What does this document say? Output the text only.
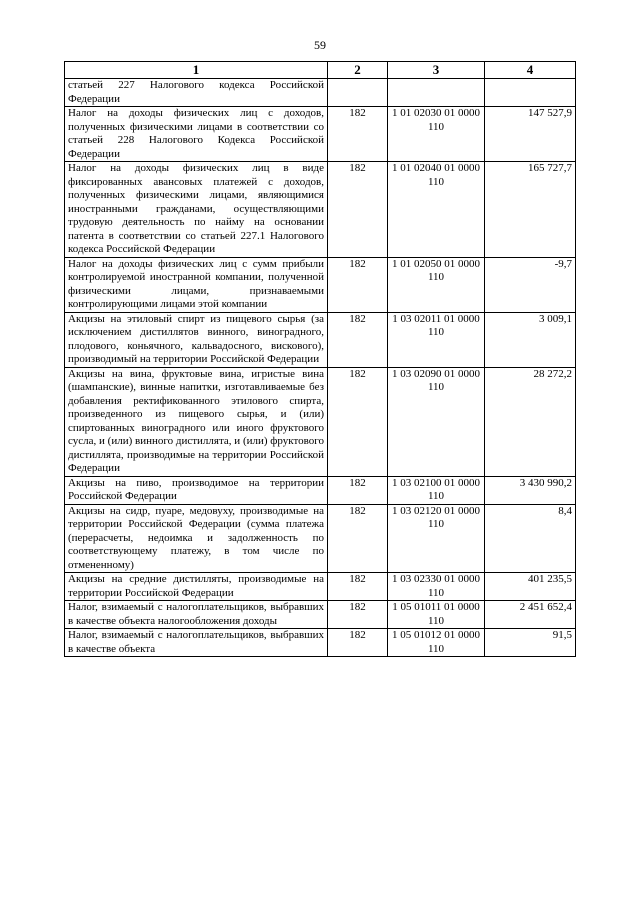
59
1	2	3	4
статьей 227 Налогового кодекса Российской Федерации			
Налог на доходы физических лиц с доходов, полученных физическими лицами в соответствии со статьей 228 Налогового Кодекса Российской Федерации	182	1 01 02030 01 0000 110	147 527,9
Налог на доходы физических лиц в виде фиксированных авансовых платежей с доходов, полученных физическими лицами, являющимися иностранными гражданами, осуществляющими трудовую деятельность по найму на основании патента в соответствии со статьей 227.1 Налогового кодекса Российской Федерации	182	1 01 02040 01 0000 110	165 727,7
Налог на доходы физических лиц с сумм прибыли контролируемой иностранной компании, полученной физическими лицами, признаваемыми контролирующими лицами этой компании	182	1 01 02050 01 0000 110	-9,7
Акцизы на этиловый спирт из пищевого сырья (за исключением дистиллятов винного, виноградного, плодового, коньячного, кальвадосного, вискового), производимый на территории Российской Федерации	182	1 03 02011 01 0000 110	3 009,1
Акцизы на вина, фруктовые вина, игристые вина (шампанские), винные напитки, изготавливаемые без добавления ректификованного этилового спирта, произведенного из пищевого сырья, и (или) спиртованных виноградного или иного фруктового сусла, и (или) винного дистиллята, и (или) фруктового дистиллята, производимые на территории Российской Федерации	182	1 03 02090 01 0000 110	28 272,2
Акцизы на пиво, производимое на территории Российской Федерации	182	1 03 02100 01 0000 110	3 430 990,2
Акцизы на сидр, пуаре, медовуху, производимые на территории Российской Федерации (сумма платежа (перерасчеты, недоимка и задолженность по соответствующему платежу, в том числе по отмененному)	182	1 03 02120 01 0000 110	8,4
Акцизы на средние дистилляты, производимые на территории Российской Федерации	182	1 03 02330 01 0000 110	401 235,5
Налог, взимаемый с налогоплательщиков, выбравших в качестве объекта налогообложения доходы	182	1 05 01011 01 0000 110	2 451 652,4
Налог, взимаемый с налогоплательщиков, выбравших в качестве объекта	182	1 05 01012 01 0000 110	91,5
